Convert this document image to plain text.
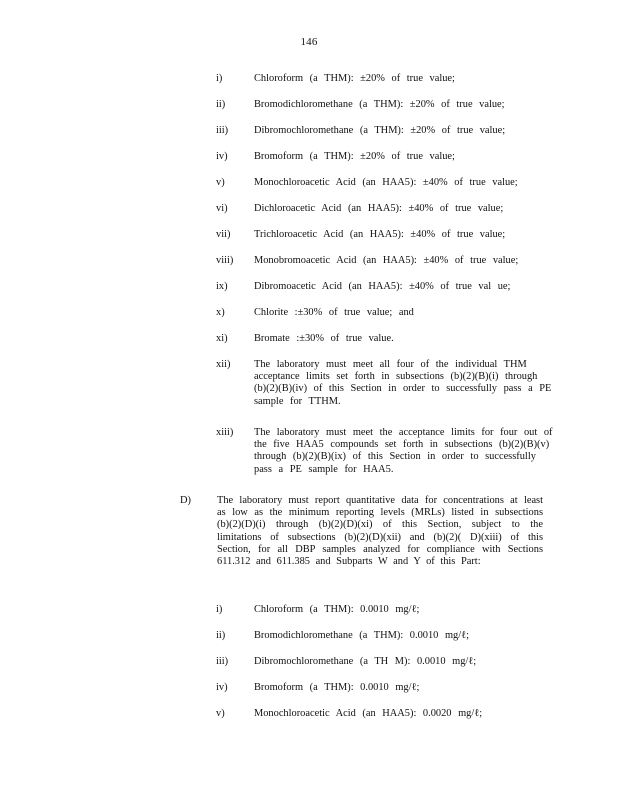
146
i)	Chloroform (a THM): ±20% of true value;
ii)	Bromodichloromethane (a THM): ±20% of true value;
iii)	Dibromochloromethane (a THM): ±20% of true value;
iv)	Bromoform (a THM): ±20% of true value;
v)	Monochloroacetic Acid (an HAA5): ±40% of true value;
vi)	Dichloroacetic Acid (an HAA5): ±40% of true value;
vii)	Trichloroacetic Acid (an HAA5): ±40% of true value;
viii)	Monobromoacetic Acid (an HAA5): ±40% of true value;
ix)	Dibromoacetic Acid (an HAA5): ±40% of true val ue;
x)	Chlorite :±30% of true value; and
xi)	Bromate :±30% of true value.
xii)	The laboratory must meet all four of the individual THM acceptance limits set forth in subsections (b)(2)(B)(i) through (b)(2)(B)(iv) of this Section in order to successfully pass a PE sample for TTHM.
xiii)	The laboratory must meet the acceptance limits for four out of the five HAA5 compounds set forth in subsections (b)(2)(B)(v) through (b)(2)(B)(ix) of this Section in order to successfully pass a PE sample for HAA5.
D)	The laboratory must report quantitative data for concentrations at least as low as the minimum reporting levels (MRLs) listed in subsections (b)(2)(D)(i) through (b)(2)(D)(xi) of this Section, subject to the limitations of subsections (b)(2)(D)(xii) and (b)(2)( D)(xiii) of this Section, for all DBP samples analyzed for compliance with Sections 611.312 and 611.385 and Subparts W and Y of this Part:
i)	Chloroform (a THM): 0.0010 mg/ℓ;
ii)	Bromodichloromethane (a THM): 0.0010 mg/ℓ;
iii)	Dibromochloromethane (a TH M): 0.0010 mg/ℓ;
iv)	Bromoform (a THM): 0.0010 mg/ℓ;
v)	Monochloroacetic Acid (an HAA5): 0.0020 mg/ℓ;
